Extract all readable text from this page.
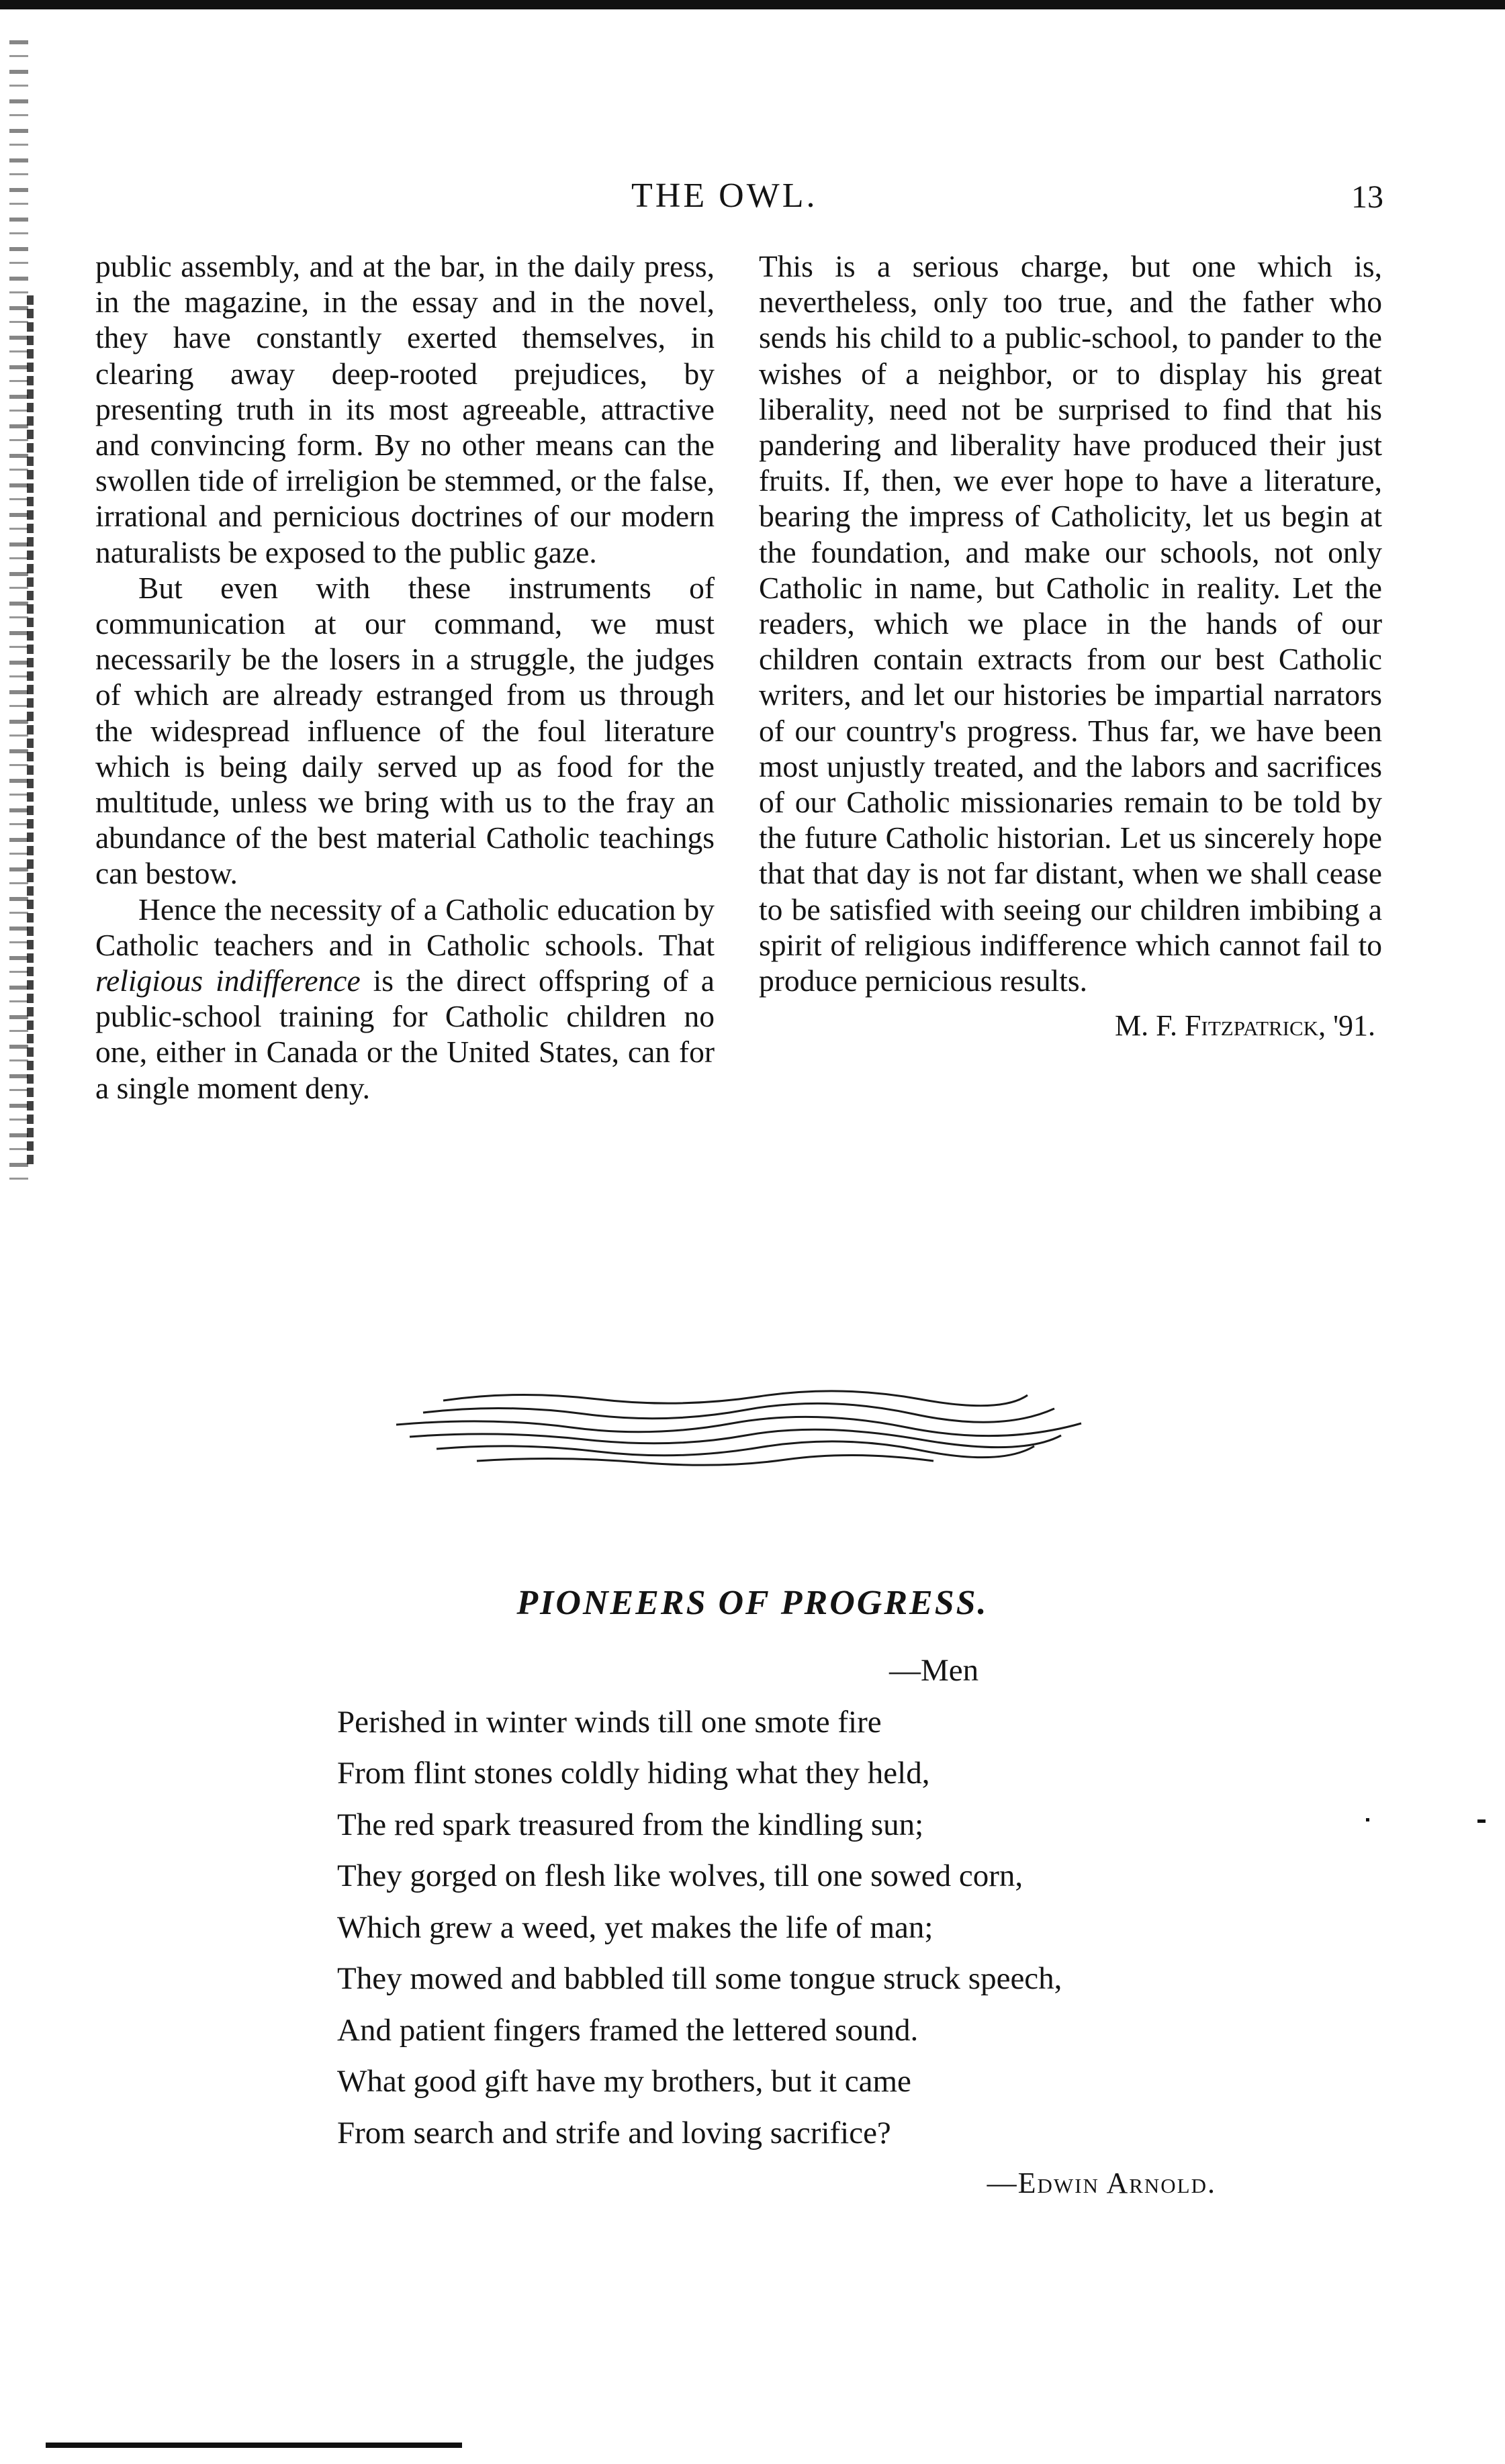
THE OWL.	13

public assembly, and at the bar, in the daily press, in the magazine, in the essay and in the novel, they have constantly exerted themselves, in clearing away deep-rooted prejudices, by presenting truth in its most agreeable, attractive and convincing form. By no other means can the swollen tide of irreligion be stemmed, or the false, irrational and pernicious doctrines of our modern naturalists be exposed to the public gaze.

But even with these instruments of communication at our command, we must necessarily be the losers in a struggle, the judges of which are already estranged from us through the widespread influence of the foul literature which is being daily served up as food for the multitude, unless we bring with us to the fray an abundance of the best material Catholic teachings can bestow.

Hence the necessity of a Catholic education by Catholic teachers and in Catholic schools. That religious indifference is the direct offspring of a public-school training for Catholic children no one, either in Canada or the United States, can for a single moment deny.

This is a serious charge, but one which is, nevertheless, only too true, and the father who sends his child to a public-school, to pander to the wishes of a neighbor, or to display his great liberality, need not be surprised to find that his pandering and liberality have produced their just fruits. If, then, we ever hope to have a literature, bearing the impress of Catholicity, let us begin at the foundation, and make our schools, not only Catholic in name, but Catholic in reality. Let the readers, which we place in the hands of our children contain extracts from our best Catholic writers, and let our histories be impartial narrators of our country's progress. Thus far, we have been most unjustly treated, and the labors and sacrifices of our Catholic missionaries remain to be told by the future Catholic historian. Let us sincerely hope that that day is not far distant, when we shall cease to be satisfied with seeing our children imbibing a spirit of religious indifference which cannot fail to produce pernicious results.

M. F. Fitzpatrick, '91.

PIONEERS OF PROGRESS.
—Men
Perished in winter winds till one smote fire
From flint stones coldly hiding what they held,
The red spark treasured from the kindling sun;
They gorged on flesh like wolves, till one sowed corn,
Which grew a weed, yet makes the life of man;
They mowed and babbled till some tongue struck speech,
And patient fingers framed the lettered sound.
What good gift have my brothers, but it came
From search and strife and loving sacrifice?
—Edwin Arnold.
